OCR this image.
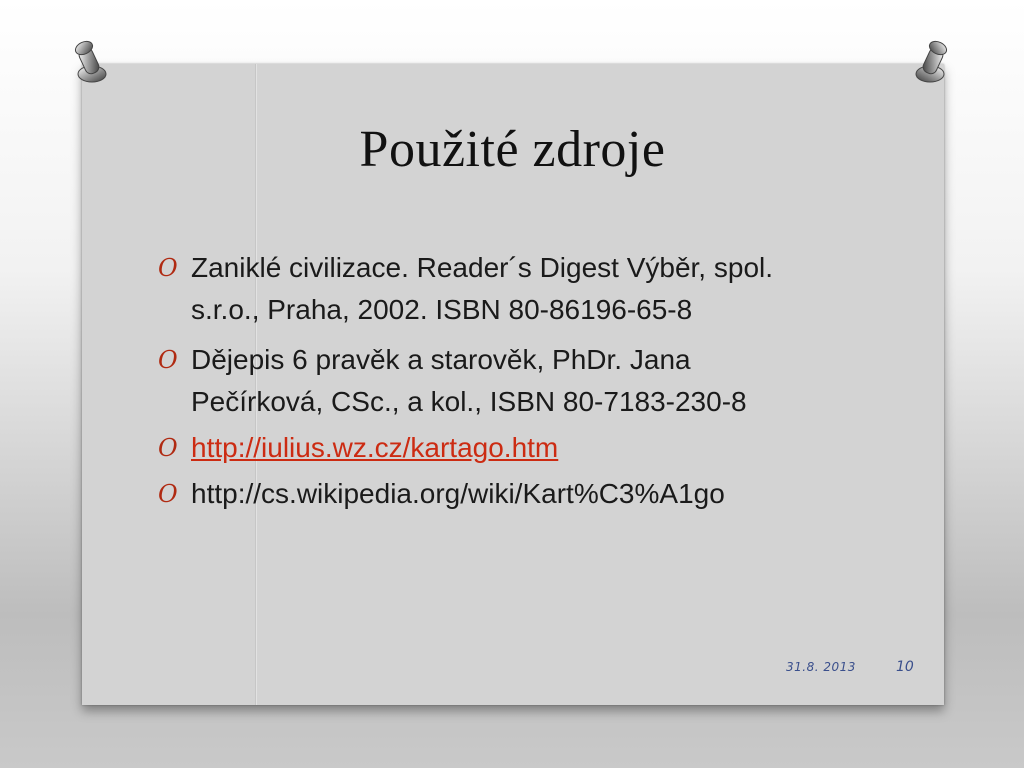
Použité zdroje
O Zaniklé civilizace. Reader´s Digest Výběr, spol. s.r.o., Praha, 2002. ISBN 80-86196-65-8
O Dějepis 6 pravěk a starověk, PhDr. Jana Pečírková, CSc., a kol., ISBN 80-7183-230-8
O http://iulius.wz.cz/kartago.htm
O http://cs.wikipedia.org/wiki/Kart%C3%A1go
31.8. 2013	10
